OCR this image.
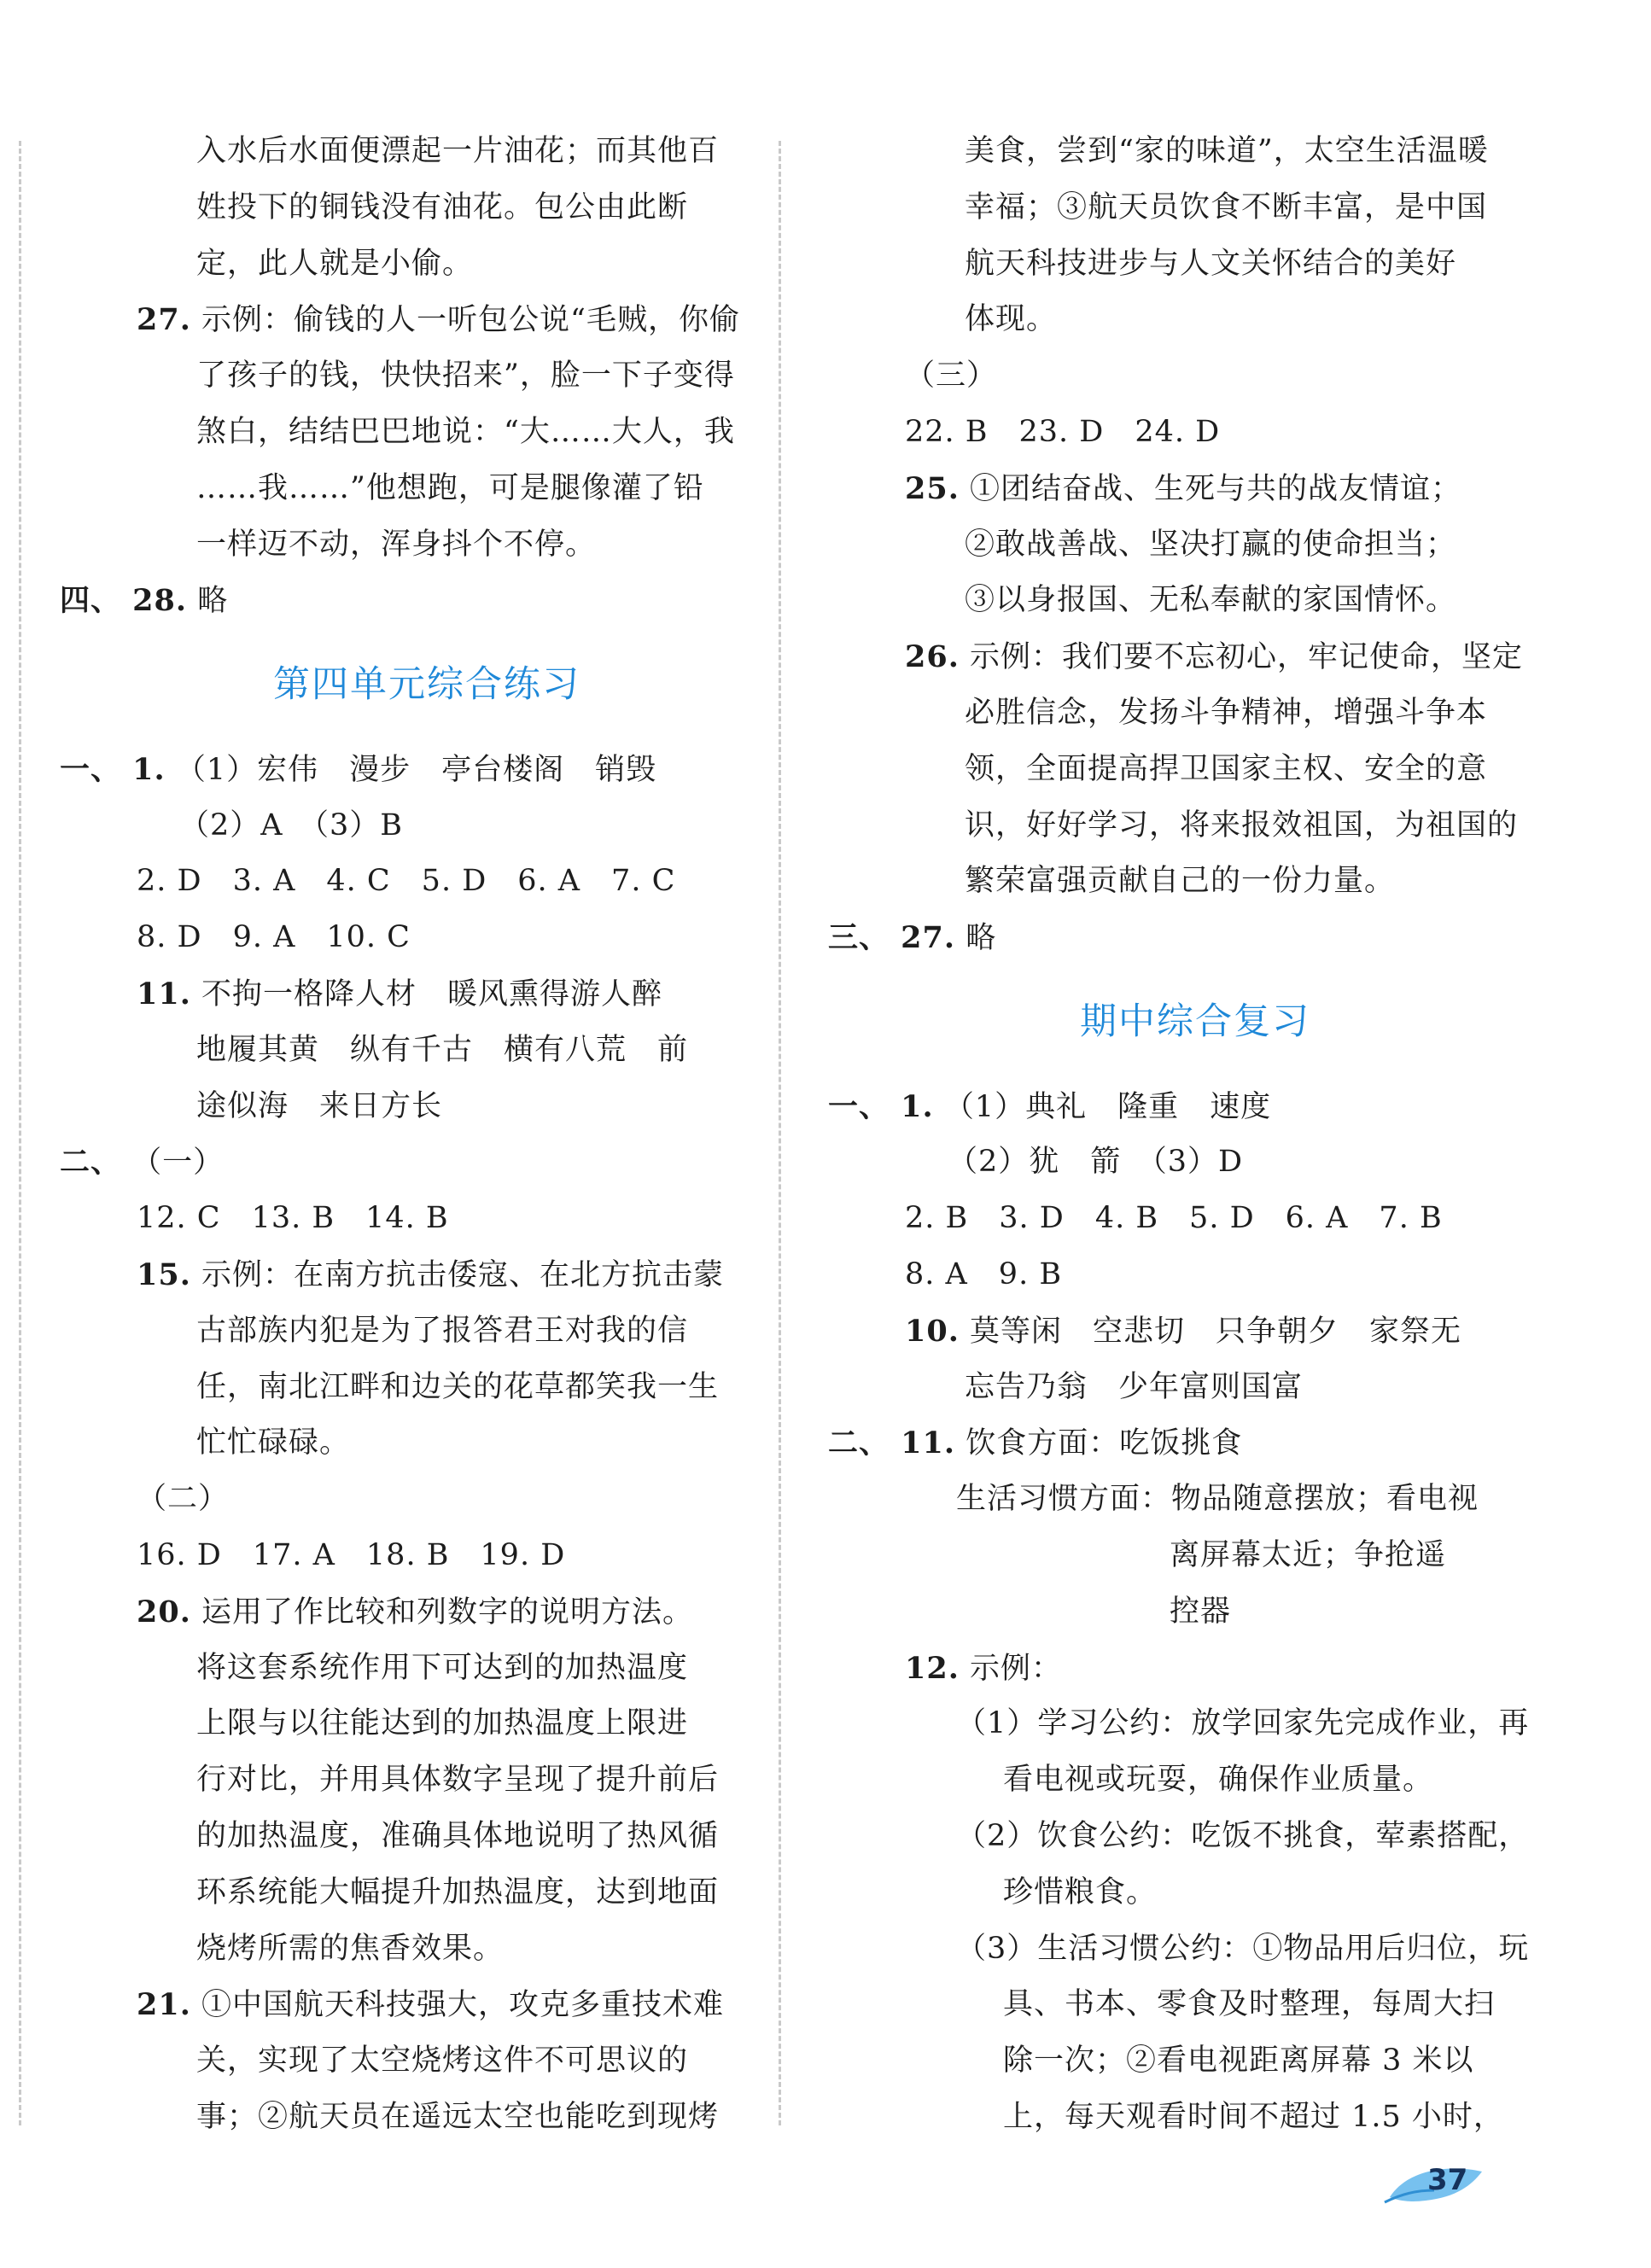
入水后水面便漂起一片油花；而其他百
姓投下的铜钱没有油花。包公由此断
定，此人就是小偷。
27. 示例：偷钱的人一听包公说“毛贼，你偷
了孩子的钱，快快招来”，脸一下子变得
煞白，结结巴巴地说：“大……大人，我
……我……”他想跑，可是腿像灌了铅
一样迈不动，浑身抖个不停。
四、 28. 略
第四单元综合练习
一、 1. （1）宏伟　漫步　亭台楼阁　销毁
（2）A　（3）B
2. D　3. A　4. C　5. D　6. A　7. C
8. D　9. A　10. C
11. 不拘一格降人材　暖风熏得游人醉
地履其黄　纵有千古　横有八荒　前
途似海　来日方长
二、 （一）
12. C　13. B　14. B
15. 示例：在南方抗击倭寇、在北方抗击蒙
古部族内犯是为了报答君王对我的信
任，南北江畔和边关的花草都笑我一生
忙忙碌碌。
（二）
16. D　17. A　18. B　19. D
20. 运用了作比较和列数字的说明方法。
将这套系统作用下可达到的加热温度
上限与以往能达到的加热温度上限进
行对比，并用具体数字呈现了提升前后
的加热温度，准确具体地说明了热风循
环系统能大幅提升加热温度，达到地面
烧烤所需的焦香效果。
21. ①中国航天科技强大，攻克多重技术难
关，实现了太空烧烤这件不可思议的
事；②航天员在遥远太空也能吃到现烤
美食，尝到“家的味道”，太空生活温暖
幸福；③航天员饮食不断丰富，是中国
航天科技进步与人文关怀结合的美好
体现。
（三）
22. B　23. D　24. D
25. ①团结奋战、生死与共的战友情谊；
②敢战善战、坚决打赢的使命担当；
③以身报国、无私奉献的家国情怀。
26. 示例：我们要不忘初心，牢记使命，坚定
必胜信念，发扬斗争精神，增强斗争本
领，全面提高捍卫国家主权、安全的意
识，好好学习，将来报效祖国，为祖国的
繁荣富强贡献自己的一份力量。
三、 27. 略
期中综合复习
一、 1. （1）典礼　隆重　速度
（2）犹　箭　（3）D
2. B　3. D　4. B　5. D　6. A　7. B
8. A　9. B
10. 莫等闲　空悲切　只争朝夕　家祭无
忘告乃翁　少年富则国富
二、 11. 饮食方面：吃饭挑食
生活习惯方面：物品随意摆放；看电视
离屏幕太近；争抢遥
控器
12. 示例：
（1）学习公约：放学回家先完成作业，再
看电视或玩耍，确保作业质量。
（2）饮食公约：吃饭不挑食，荤素搭配，
珍惜粮食。
（3）生活习惯公约：①物品用后归位，玩
具、书本、零食及时整理，每周大扫
除一次；②看电视距离屏幕 3 米以
上，每天观看时间不超过 1.5 小时，
37
